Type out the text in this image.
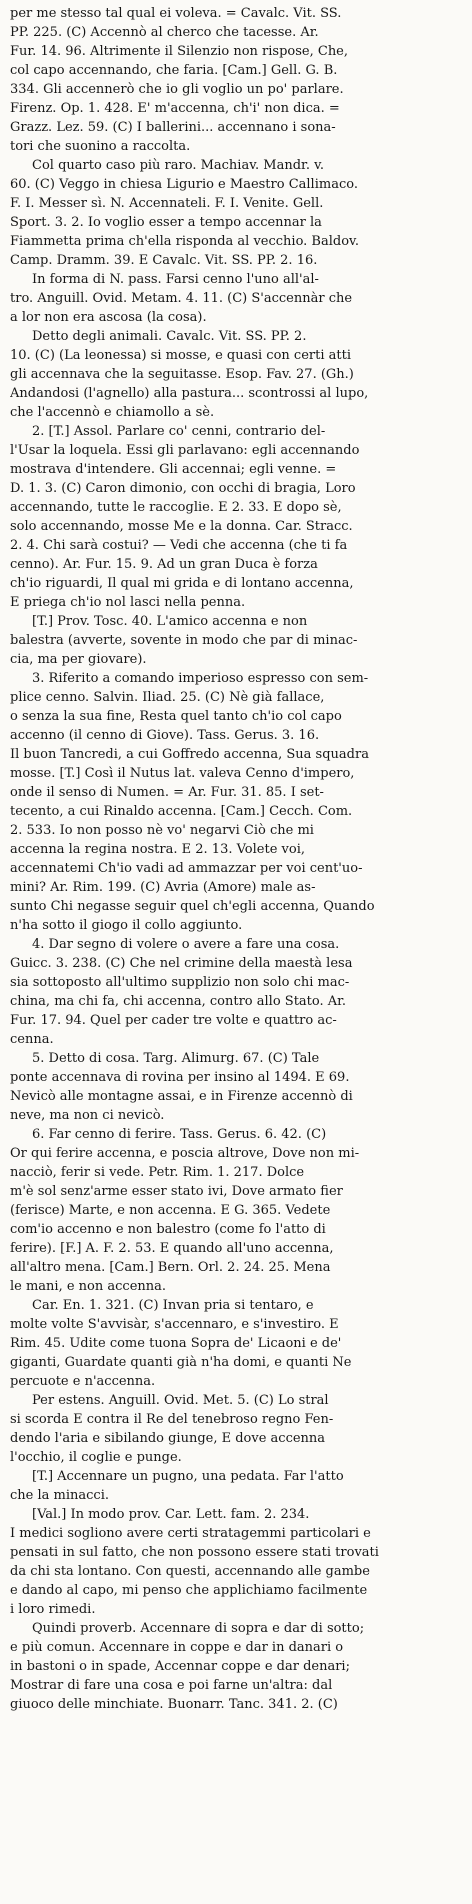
per me stesso tal qual ei voleva. = Cavalc. Vit. SS.
PP. 225. (C) Accennò al cherco che tacesse. Ar.
Fur. 14. 96. Altrimente il Silenzio non rispose, Che,
col capo accennando, che faria. [Cam.] Gell. G. B.
334. Gli accennerò che io gli voglio un po' parlare.
Firenz. Op. 1. 428. E' m'accenna, ch'i' non dica. =
Grazz. Lez. 59. (C) I ballerini... accennano i sona-
tori che suonino a raccolta.
Col quarto caso più raro. Machiav. Mandr. v.
60. (C) Veggo in chiesa Ligurio e Maestro Callimaco.
F. I. Messer sì. N. Accennateli. F. I. Venite. Gell.
Sport. 3. 2. Io voglio esser a tempo accennar la
Fiammetta prima ch'ella risponda al vecchio. Baldov.
Camp. Dramm. 39. E Cavalc. Vit. SS. PP. 2. 16.
In forma di N. pass. Farsi cenno l'uno all'al-
tro. Anguill. Ovid. Metam. 4. 11. (C) S'accennàr che
a lor non era ascosa (la cosa).
Detto degli animali. Cavalc. Vit. SS. PP. 2.
10. (C) (La leonessa) si mosse, e quasi con certi atti
gli accennava che la seguitasse. Esop. Fav. 27. (Gh.)
Andandosi (l'agnello) alla pastura... scontrossi al lupo,
che l'accennò e chiamollo a sè.
2. [T.] Assol. Parlare co' cenni, contrario del-
l'Usar la loquela. Essi gli parlavano: egli accennando
mostrava d'intendere. Gli accennai; egli venne. =
D. 1. 3. (C) Caron dimonio, con occhi di bragia, Loro
accennando, tutte le raccoglie. E 2. 33. E dopo sè,
solo accennando, mosse Me e la donna. Car. Stracc.
2. 4. Chi sarà costui? — Vedi che accenna (che ti fa
cenno). Ar. Fur. 15. 9. Ad un gran Duca è forza
ch'io riguardi, Il qual mi grida e di lontano accenna,
E priega ch'io nol lasci nella penna.
[T.] Prov. Tosc. 40. L'amico accenna e non
balestra (avverte, sovente in modo che par di minac-
cia, ma per giovare).
3. Riferito a comando imperioso espresso con sem-
plice cenno. Salvin. Iliad. 25. (C) Nè già fallace,
o senza la sua fine, Resta quel tanto ch'io col capo
accenno (il cenno di Giove). Tass. Gerus. 3. 16.
Il buon Tancredi, a cui Goffredo accenna, Sua squadra
mosse. [T.] Così il Nutus lat. valeva Cenno d'impero,
onde il senso di Numen. = Ar. Fur. 31. 85. I set-
tecento, a cui Rinaldo accenna. [Cam.] Cecch. Com.
2. 533. Io non posso nè vo' negarvi Ciò che mi
accenna la regina nostra. E 2. 13. Volete voi,
accennatemi Ch'io vadi ad ammazzar per voi cent'uo-
mini? Ar. Rim. 199. (C) Avria (Amore) male as-
sunto Chi negasse seguir quel ch'egli accenna, Quando
n'ha sotto il giogo il collo aggiunto.
4. Dar segno di volere o avere a fare una cosa.
Guicc. 3. 238. (C) Che nel crimine della maestà lesa
sia sottoposto all'ultimo supplizio non solo chi mac-
china, ma chi fa, chi accenna, contro allo Stato. Ar.
Fur. 17. 94. Quel per cader tre volte e quattro ac-
cenna.
5. Detto di cosa. Targ. Alimurg. 67. (C) Tale
ponte accennava di rovina per insino al 1494. E 69.
Nevicò alle montagne assai, e in Firenze accennò di
neve, ma non ci nevicò.
6. Far cenno di ferire. Tass. Gerus. 6. 42. (C)
Or qui ferire accenna, e poscia altrove, Dove non mi-
nacciò, ferir si vede. Petr. Rim. 1. 217. Dolce
m'è sol senz'arme esser stato ivi, Dove armato fier
(ferisce) Marte, e non accenna. E G. 365. Vedete
com'io accenno e non balestro (come fo l'atto di
ferire). [F.] A. F. 2. 53. E quando all'uno accenna,
all'altro mena. [Cam.] Bern. Orl. 2. 24. 25. Mena
le mani, e non accenna.
Car. En. 1. 321. (C) Invan pria si tentaro, e
molte volte S'avvisàr, s'accennaro, e s'investiro. E
Rim. 45. Udite come tuona Sopra de' Licaoni e de'
giganti, Guardate quanti già n'ha domi, e quanti Ne
percuote e n'accenna.
Per estens. Anguill. Ovid. Met. 5. (C) Lo stral
si scorda E contra il Re del tenebroso regno Fen-
dendo l'aria e sibilando giunge, E dove accenna
l'occhio, il coglie e punge.
[T.] Accennare un pugno, una pedata. Far l'atto
che la minacci.
[Val.] In modo prov. Car. Lett. fam. 2. 234.
I medici sogliono avere certi stratagemmi particolari e
pensati in sul fatto, che non possono essere stati trovati
da chi sta lontano. Con questi, accennando alle gambe
e dando al capo, mi penso che applichiamo facilmente
i loro rimedi.
Quindi proverb. Accennare di sopra e dar di sotto;
e più comun. Accennare in coppe e dar in danari o
in bastoni o in spade, Accennar coppe e dar denari;
Mostrar di fare una cosa e poi farne un'altra: dal
giuoco delle minchiate. Buonarr. Tanc. 341. 2. (C)
